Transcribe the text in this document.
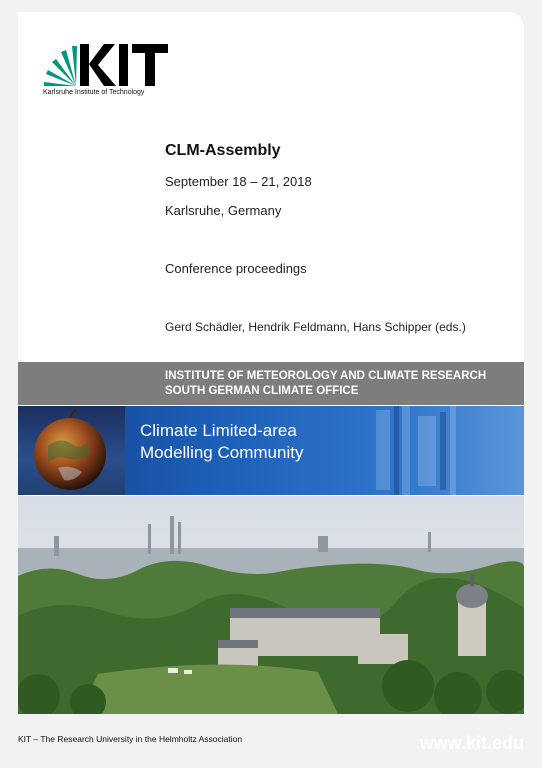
Karlsruhe Institute of Technology
CLM-Assembly
September 18 – 21, 2018
Karlsruhe, Germany
Conference proceedings
Gerd Schädler, Hendrik Feldmann, Hans Schipper (eds.)
INSTITUTE OF METEOROLOGY AND CLIMATE RESEARCH
SOUTH GERMAN CLIMATE OFFICE
Climate Limited-area
Modelling Community
KIT – The Research University in the Helmholtz Association	www.kit.edu
